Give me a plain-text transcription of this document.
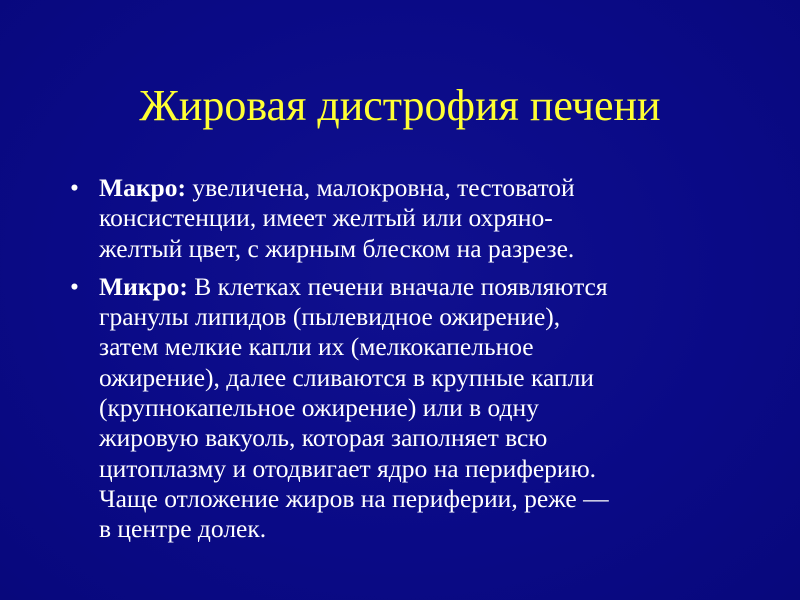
Жировая дистрофия печени
• Макро: увеличена, малокровна, тестоватой
консистенции, имеет желтый или охряно-
желтый цвет, с жирным блеском на разрезе.
• Микро: В клетках печени вначале появляются
гранулы липидов (пылевидное ожирение),
затем мелкие капли их (мелкокапельное
ожирение), далее сливаются в крупные капли
(крупнокапельное ожирение) или в одну
жировую вакуоль, которая заполняет всю
цитоплазму и отодвигает ядро на периферию.
Чаще отложение жиров на периферии, реже —
в центре долек.
